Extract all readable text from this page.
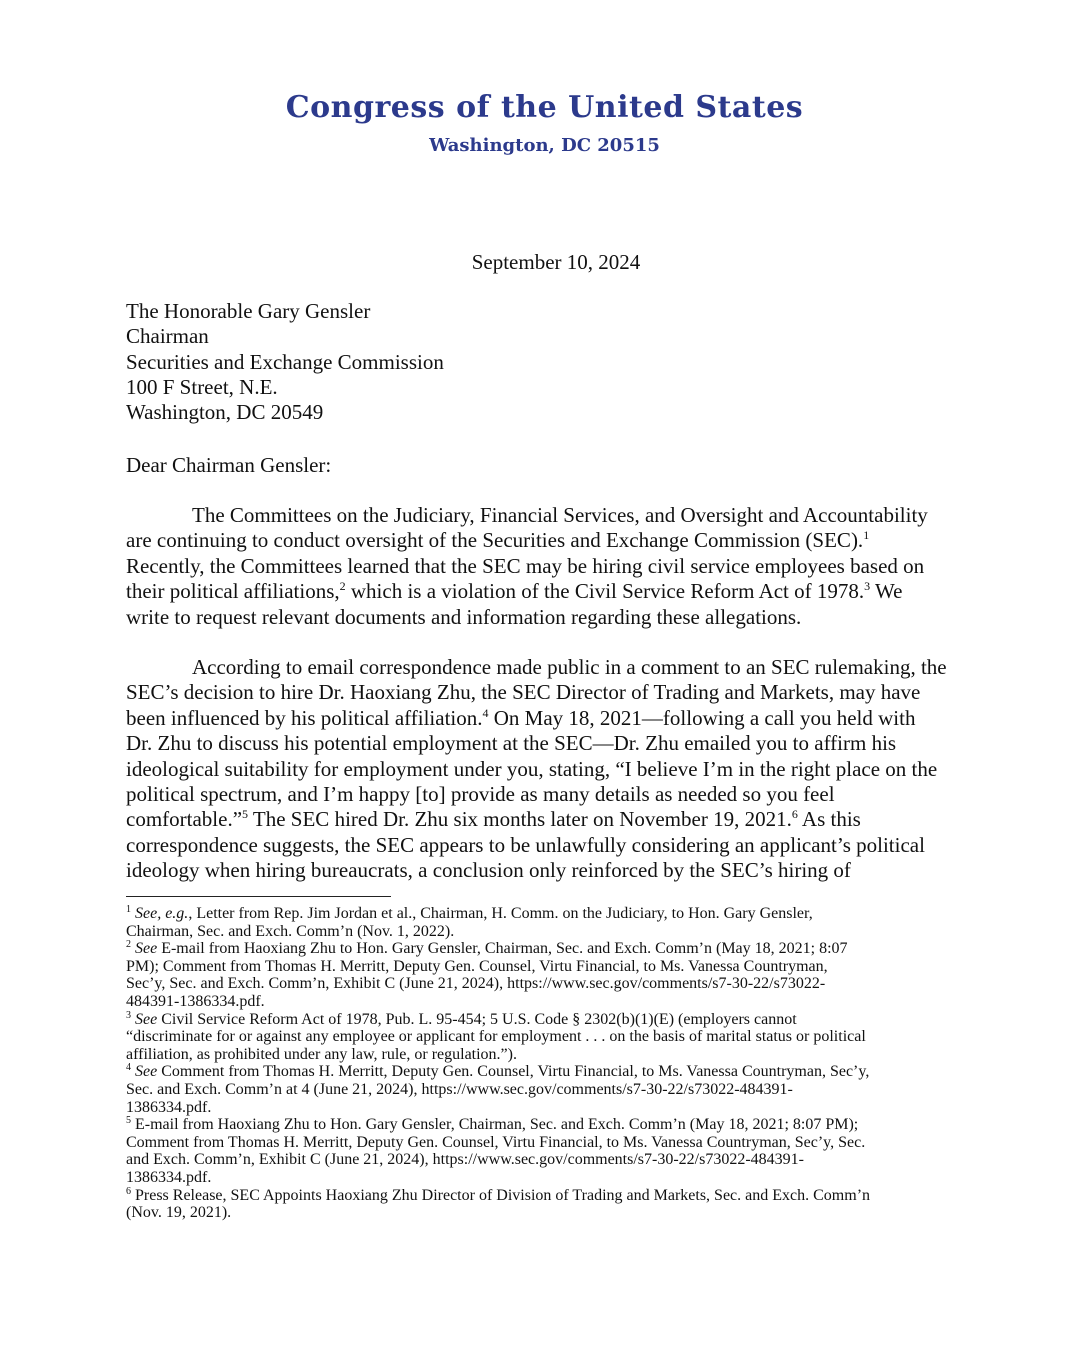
Congress of the United States
Washington, DC 20515
September 10, 2024
The Honorable Gary Gensler
Chairman
Securities and Exchange Commission
100 F Street, N.E.
Washington, DC 20549
Dear Chairman Gensler:
The Committees on the Judiciary, Financial Services, and Oversight and Accountability
are continuing to conduct oversight of the Securities and Exchange Commission (SEC).$^1$
Recently, the Committees learned that the SEC may be hiring civil service employees based on
their political affiliations,$^2$ which is a violation of the Civil Service Reform Act of 1978.$^3$ We
write to request relevant documents and information regarding these allegations.
According to email correspondence made public in a comment to an SEC rulemaking, the
SEC’s decision to hire Dr. Haoxiang Zhu, the SEC Director of Trading and Markets, may have
been influenced by his political affiliation.$^4$ On May 18, 2021—following a call you held with
Dr. Zhu to discuss his potential employment at the SEC—Dr. Zhu emailed you to affirm his
ideological suitability for employment under you, stating, “I believe I’m in the right place on the
political spectrum, and I’m happy [to] provide as many details as needed so you feel
comfortable.”$^5$ The SEC hired Dr. Zhu six months later on November 19, 2021.$^6$ As this
correspondence suggests, the SEC appears to be unlawfully considering an applicant’s political
ideology when hiring bureaucrats, a conclusion only reinforced by the SEC’s hiring of
$^1$ See, e.g., Letter from Rep. Jim Jordan et al., Chairman, H. Comm. on the Judiciary, to Hon. Gary Gensler,
Chairman, Sec. and Exch. Comm’n (Nov. 1, 2022).
$^2$ See E-mail from Haoxiang Zhu to Hon. Gary Gensler, Chairman, Sec. and Exch. Comm’n (May 18, 2021; 8:07
PM); Comment from Thomas H. Merritt, Deputy Gen. Counsel, Virtu Financial, to Ms. Vanessa Countryman,
Sec’y, Sec. and Exch. Comm’n, Exhibit C (June 21, 2024), https://www.sec.gov/comments/s7-30-22/s73022-
484391-1386334.pdf.
$^3$ See Civil Service Reform Act of 1978, Pub. L. 95-454; 5 U.S. Code § 2302(b)(1)(E) (employers cannot
“discriminate for or against any employee or applicant for employment . . . on the basis of marital status or political
affiliation, as prohibited under any law, rule, or regulation.”).
$^4$ See Comment from Thomas H. Merritt, Deputy Gen. Counsel, Virtu Financial, to Ms. Vanessa Countryman, Sec’y,
Sec. and Exch. Comm’n at 4 (June 21, 2024), https://www.sec.gov/comments/s7-30-22/s73022-484391-
1386334.pdf.
$^5$ E-mail from Haoxiang Zhu to Hon. Gary Gensler, Chairman, Sec. and Exch. Comm’n (May 18, 2021; 8:07 PM);
Comment from Thomas H. Merritt, Deputy Gen. Counsel, Virtu Financial, to Ms. Vanessa Countryman, Sec’y, Sec.
and Exch. Comm’n, Exhibit C (June 21, 2024), https://www.sec.gov/comments/s7-30-22/s73022-484391-
1386334.pdf.
$^6$ Press Release, SEC Appoints Haoxiang Zhu Director of Division of Trading and Markets, Sec. and Exch. Comm’n
(Nov. 19, 2021).
